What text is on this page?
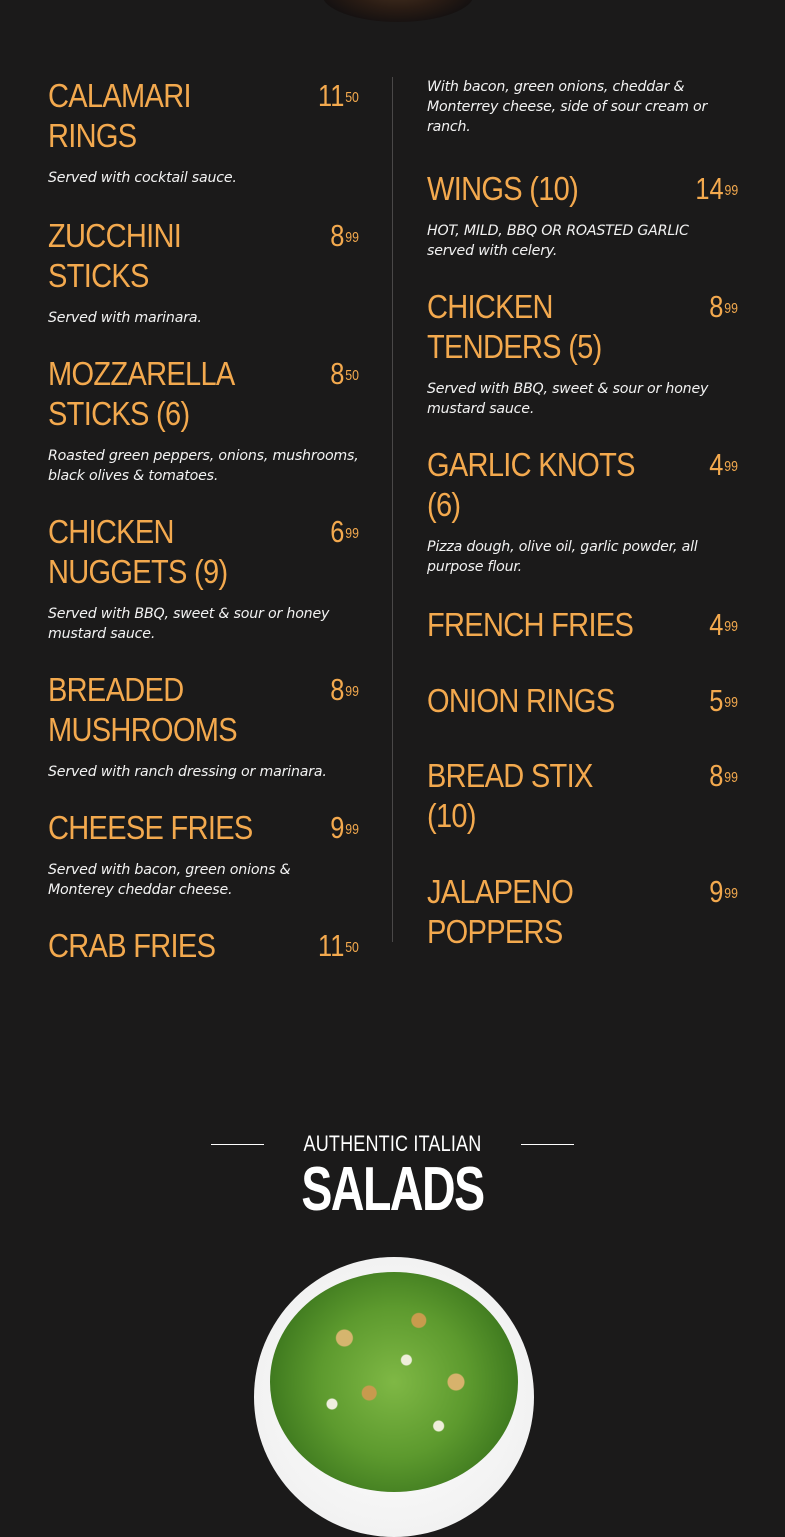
CALAMARI RINGS
$11^{50}$
Served with cocktail sauce.
ZUCCHINI STICKS
$8^{99}$
Served with marinara.
MOZZARELLA STICKS (6)
$8^{50}$
Roasted green peppers, onions, mushrooms, black olives & tomatoes.
CHICKEN NUGGETS (9)
$6^{99}$
Served with BBQ, sweet & sour or honey mustard sauce.
BREADED MUSHROOMS
$8^{99}$
Served with ranch dressing or marinara.
CHEESE FRIES	$9^{99}$
Served with bacon, green onions & Monterey cheddar cheese.
CRAB FRIES	$11^{50}$
With bacon, green onions, cheddar & Monterrey cheese, side of sour cream or ranch.
WINGS (10)	$14^{99}$
HOT, MILD, BBQ OR ROASTED GARLIC served with celery.
CHICKEN TENDERS (5)
$8^{99}$
Served with BBQ, sweet & sour or honey mustard sauce.
GARLIC KNOTS (6)
$4^{99}$
Pizza dough, olive oil, garlic powder, all purpose flour.
FRENCH FRIES $4^{99}$
ONION RINGS	$5^{99}$
BREAD STIX (10)
$8^{99}$
JALAPENO POPPERS
$9^{99}$
AUTHENTIC ITALIAN
SALADS
